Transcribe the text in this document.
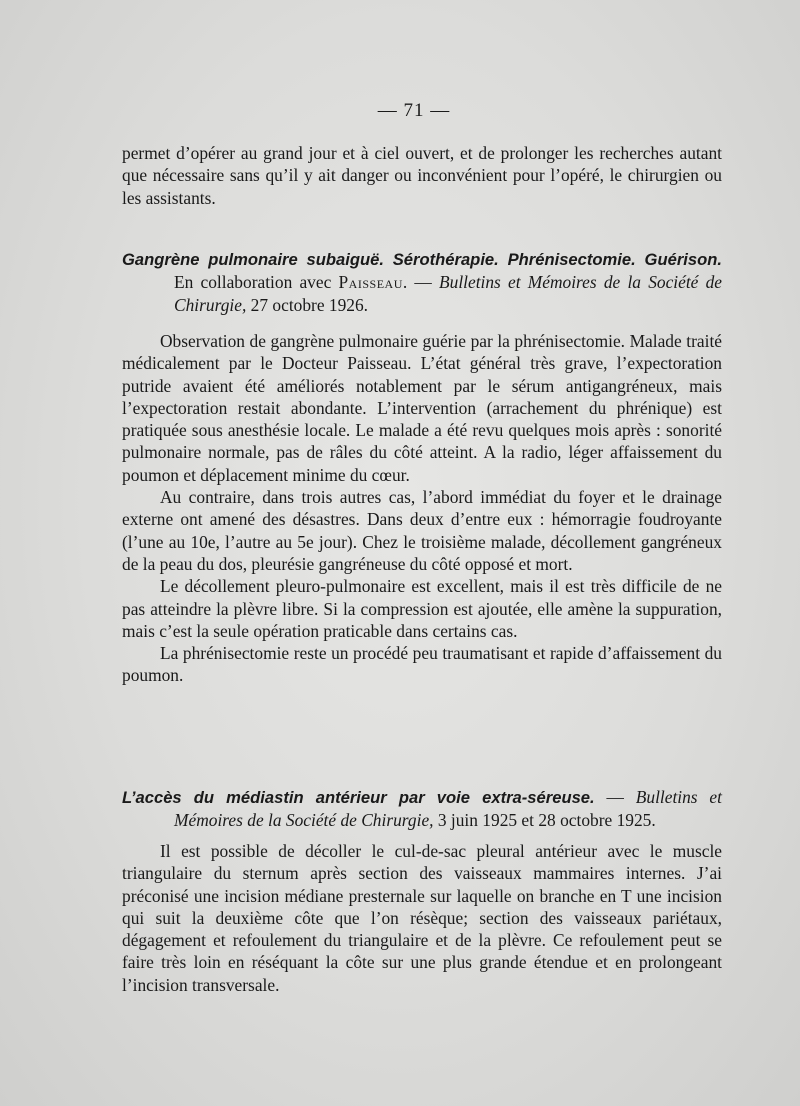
— 71 —

permet d’opérer au grand jour et à ciel ouvert, et de prolonger les recherches autant que nécessaire sans qu’il y ait danger ou inconvénient pour l’opéré, le chirurgien ou les assistants.

Gangrène pulmonaire subaiguë. Sérothérapie. Phrénisectomie. Guérison. En collaboration avec Paisseau. — Bulletins et Mémoires de la Société de Chirurgie, 27 octobre 1926.

Observation de gangrène pulmonaire guérie par la phrénisectomie. Malade traité médicalement par le Docteur Paisseau. L’état général très grave, l’expectoration putride avaient été améliorés notablement par le sérum antigangréneux, mais l’expectoration restait abondante. L’intervention (arrachement du phrénique) est pratiquée sous anesthésie locale. Le malade a été revu quelques mois après : sonorité pulmonaire normale, pas de râles du côté atteint. A la radio, léger affaissement du poumon et déplacement minime du cœur.

Au contraire, dans trois autres cas, l’abord immédiat du foyer et le drainage externe ont amené des désastres. Dans deux d’entre eux : hémorragie foudroyante (l’une au 10e, l’autre au 5e jour). Chez le troisième malade, décollement gangréneux de la peau du dos, pleurésie gangréneuse du côté opposé et mort.

Le décollement pleuro-pulmonaire est excellent, mais il est très difficile de ne pas atteindre la plèvre libre. Si la compression est ajoutée, elle amène la suppuration, mais c’est la seule opération praticable dans certains cas.

La phrénisectomie reste un procédé peu traumatisant et rapide d’affaissement du poumon.

L’accès du médiastin antérieur par voie extra-séreuse. — Bulletins et Mémoires de la Société de Chirurgie, 3 juin 1925 et 28 octobre 1925.

Il est possible de décoller le cul-de-sac pleural antérieur avec le muscle triangulaire du sternum après section des vaisseaux mammaires internes. J’ai préconisé une incision médiane presternale sur laquelle on branche en T une incision qui suit la deuxième côte que l’on résèque; section des vaisseaux pariétaux, dégagement et refoulement du triangulaire et de la plèvre. Ce refoulement peut se faire très loin en réséquant la côte sur une plus grande étendue et en prolongeant l’incision transversale.
